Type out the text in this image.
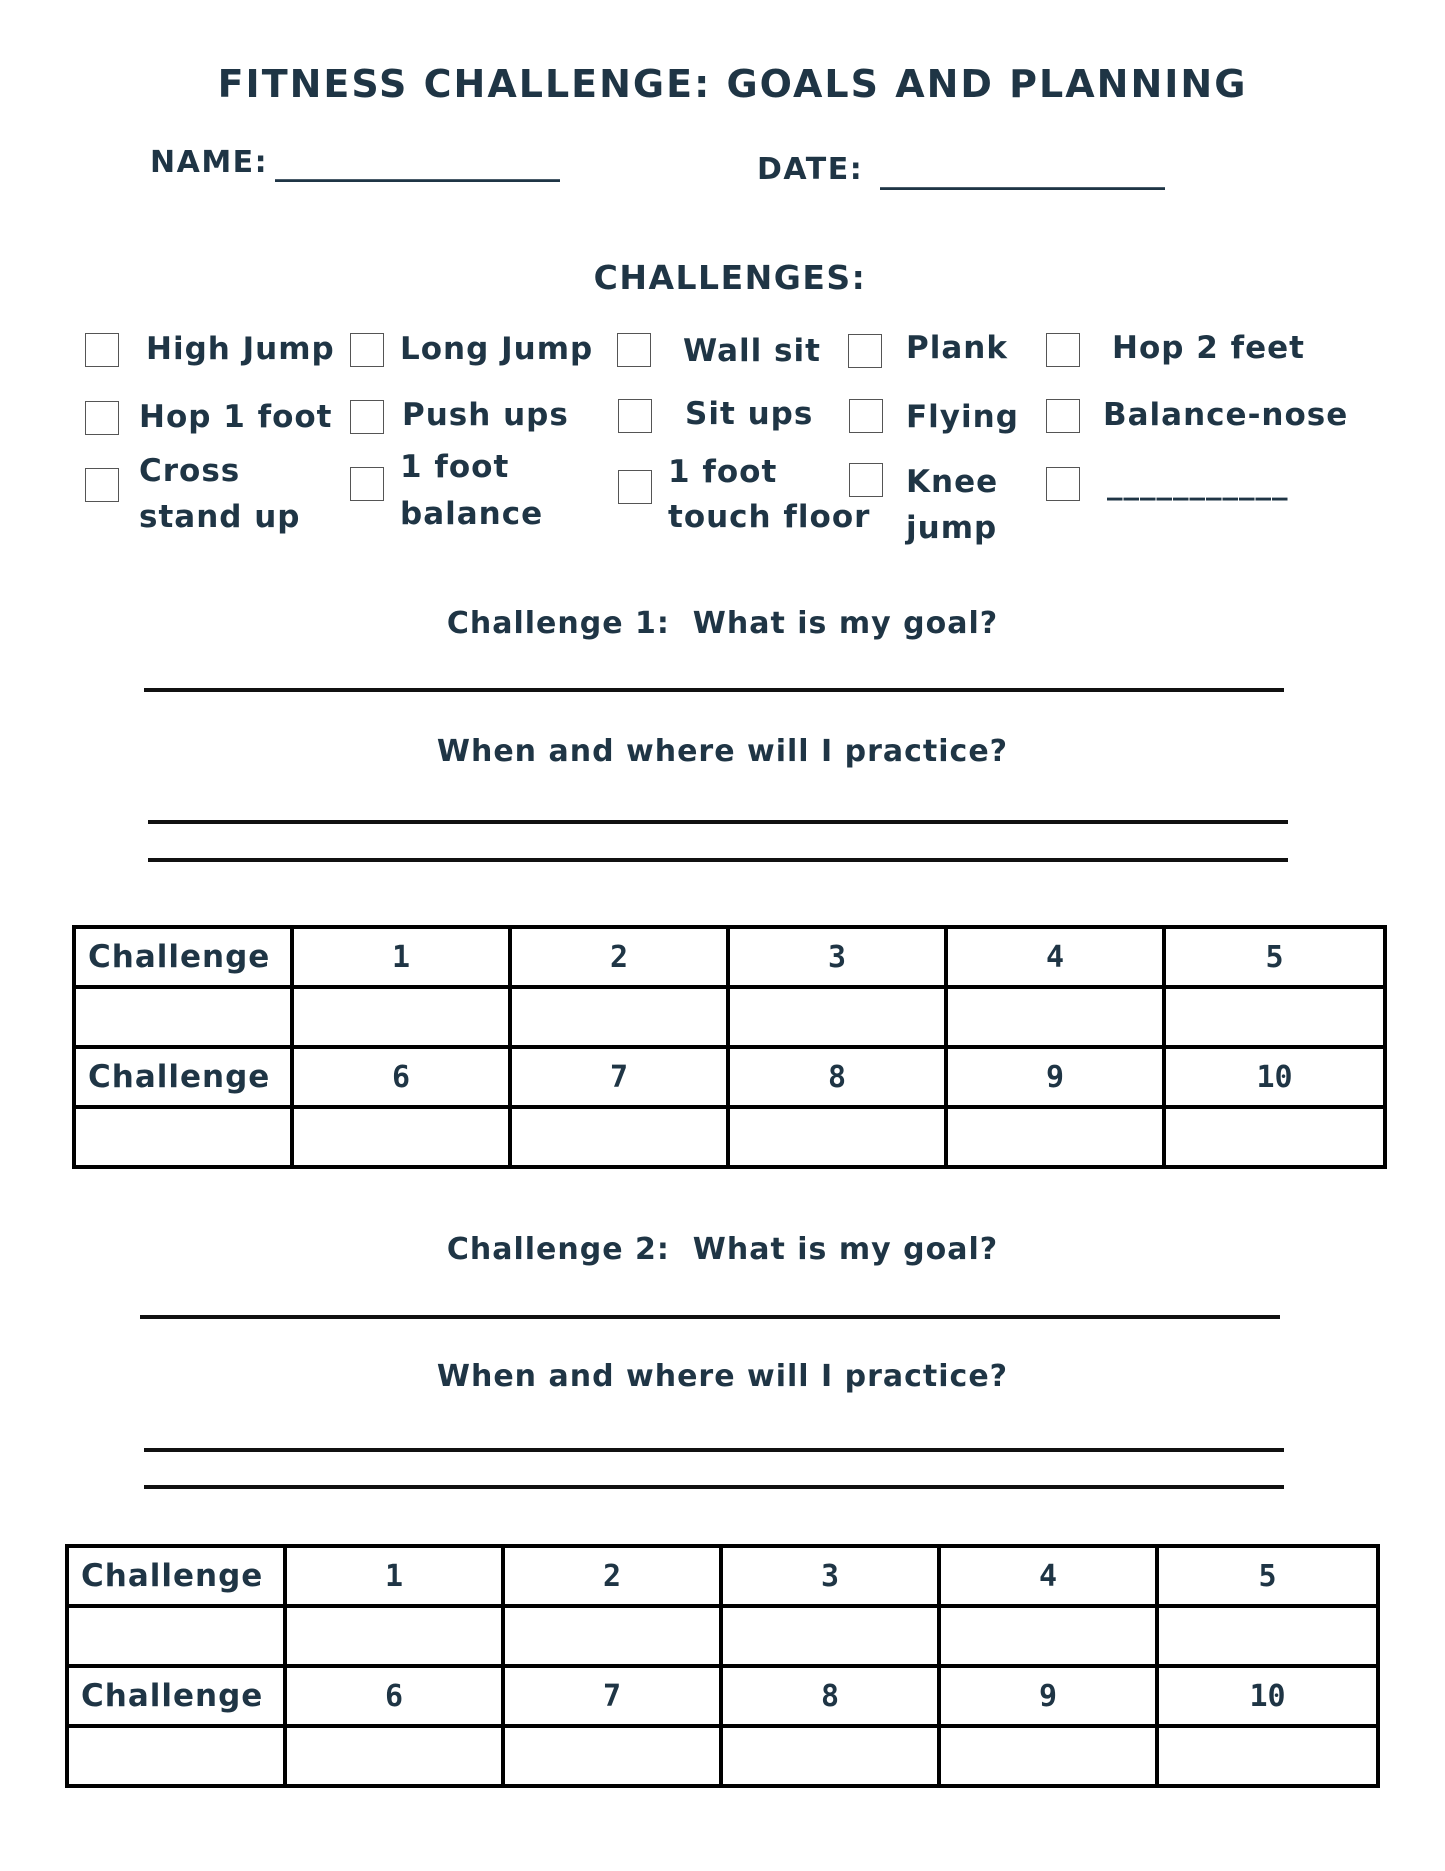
FITNESS CHALLENGE: GOALS AND PLANNING
NAME: ___________________	DATE: ___________________
CHALLENGES:
High Jump Long Jump	Wall sit	Plank	Hop 2 feet
Hop 1 foot Push ups	Sit ups	Flying	Balance-nose
Cross
stand up
1 foot
balance
1 foot
touch floor
Knee
jump
___________
Challenge 1:  What is my goal?
When and where will I practice?
Challenge	1	2	3	4	5

Challenge	6	7	8	9	10

Challenge 2:  What is my goal?
When and where will I practice?
Challenge	1	2	3	4	5

Challenge	6	7	8	9	10
